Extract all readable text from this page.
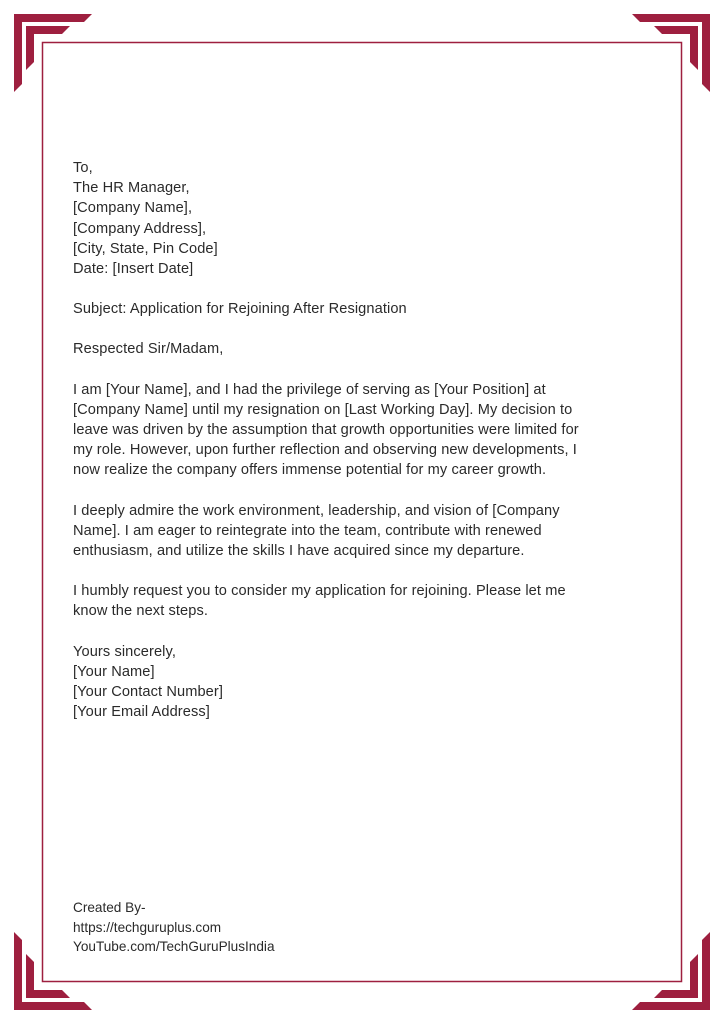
To,
The HR Manager,
[Company Name],
[Company Address],
[City, State, Pin Code]
Date: [Insert Date]
Subject: Application for Rejoining After Resignation
Respected Sir/Madam,
I am [Your Name], and I had the privilege of serving as [Your Position] at
[Company Name] until my resignation on [Last Working Day]. My decision to
leave was driven by the assumption that growth opportunities were limited for
my role. However, upon further reflection and observing new developments, I
now realize the company offers immense potential for my career growth.
I deeply admire the work environment, leadership, and vision of [Company
Name]. I am eager to reintegrate into the team, contribute with renewed
enthusiasm, and utilize the skills I have acquired since my departure.
I humbly request you to consider my application for rejoining. Please let me
know the next steps.
Yours sincerely,
[Your Name]
[Your Contact Number]
[Your Email Address]
Created By-
https://techguruplus.com
YouTube.com/TechGuruPlusIndia
